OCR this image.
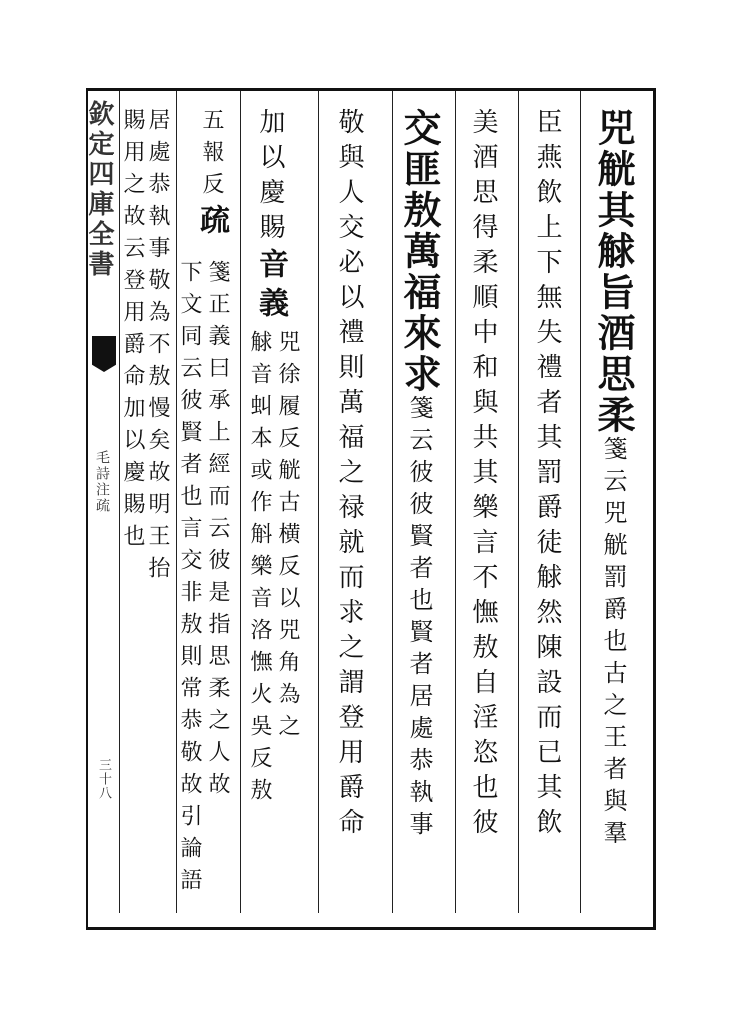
欽定四庫全書
毛詩注疏
三十八
兕觥其觩旨酒思柔箋云兕觥罰爵也古之王者與羣
臣燕飲上下無失禮者其罰爵徒觩然陳設而已其飲
美酒思得柔順中和與共其樂言不憮敖自淫恣也彼
交匪敖萬福來求箋云彼彼賢者也賢者居處恭執事
敬與人交必以禮則萬福之禄就而求之謂登用爵命
加以慶賜音義
兕徐履反觥古横反以兕角為之
觩音虯本或作斛樂音洛憮火吳反敖
五報反疏
箋正義曰承上經而云彼是指思柔之人故
下文同云彼賢者也言交非敖則常恭敬故引論語
居處恭執事敬為不敖慢矣故明王抬
賜用之故云登用爵命加以慶賜也
